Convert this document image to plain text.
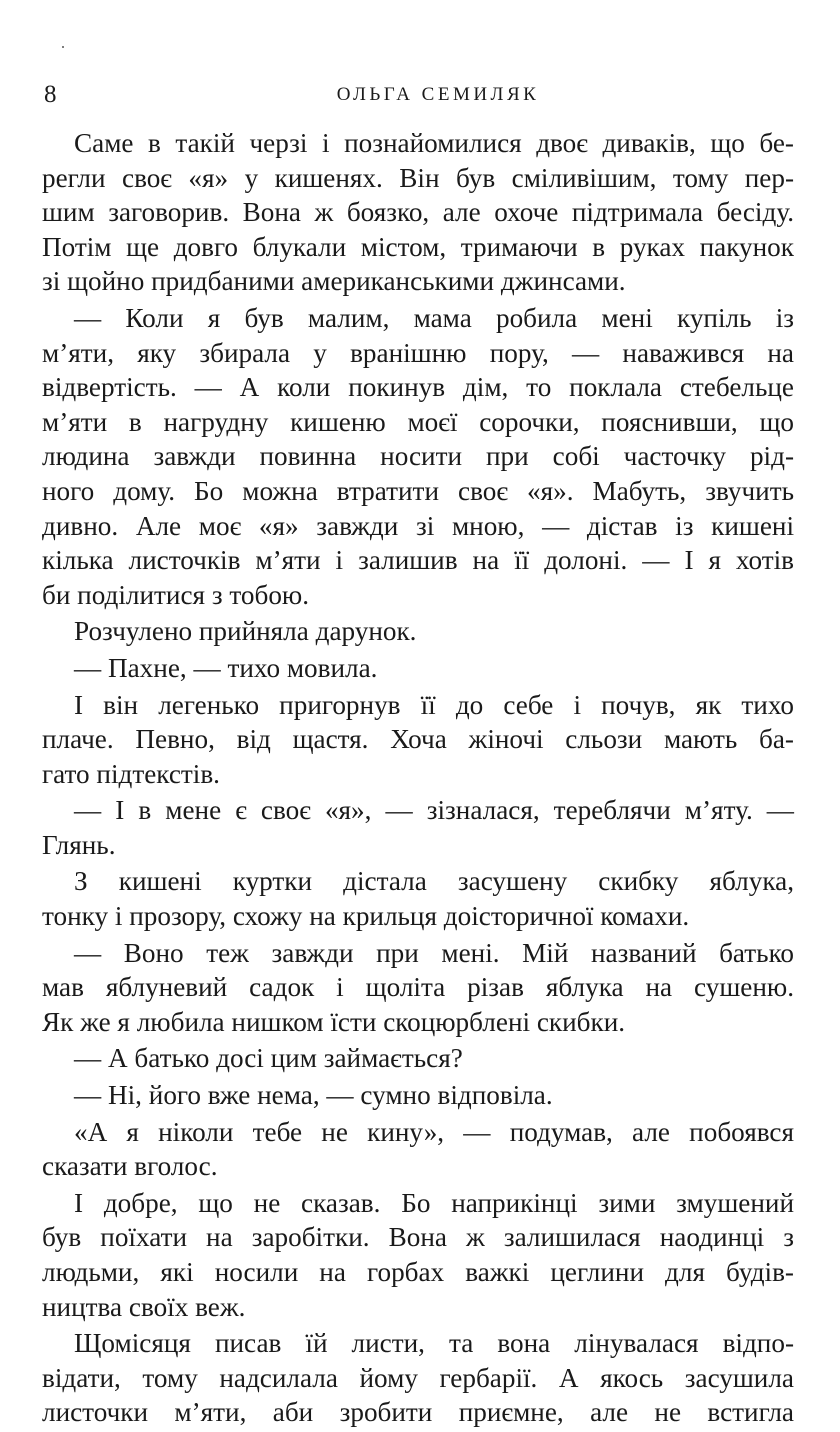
8	ОЛЬГА СЕМИЛЯК
Саме в такій черзі і познайомилися двоє диваків, що бе-
регли своє «я» у кишенях. Він був сміливішим, тому пер-
шим заговорив. Вона ж боязко, але охоче підтримала бесіду.
Потім ще довго блукали містом, тримаючи в руках пакунок
зі щойно придбаними американськими джинсами.
— Коли я був малим, мама робила мені купіль із
м’яти, яку збирала у вранішню пору, — наважився на
відвертість. — А коли покинув дім, то поклала стебельце
м’яти в нагрудну кишеню моєї сорочки, пояснивши, що
людина завжди повинна носити при собі часточку рід-
ного дому. Бо можна втратити своє «я». Мабуть, звучить
дивно. Але моє «я» завжди зі мною, — дістав із кишені
кілька листочків м’яти і залишив на її долоні. — І я хотів
би поділитися з тобою.
Розчулено прийняла дарунок.
— Пахне, — тихо мовила.
І він легенько пригорнув її до себе і почув, як тихо
плаче. Певно, від щастя. Хоча жіночі сльози мають ба-
гато підтекстів.
— І в мене є своє «я», — зізналася, тереблячи м’яту. —
Глянь.
З кишені куртки дістала засушену скибку яблука,
тонку і прозору, схожу на крильця доісторичної комахи.
— Воно теж завжди при мені. Мій названий батько
мав яблуневий садок і щоліта різав яблука на сушеню.
Як же я любила нишком їсти скоцюрблені скибки.
— А батько досі цим займається?
— Ні, його вже нема, — сумно відповіла.
«А я ніколи тебе не кину», — подумав, але побоявся
сказати вголос.
І добре, що не сказав. Бо наприкінці зими змушений
був поїхати на заробітки. Вона ж залишилася наодинці з
людьми, які носили на горбах важкі цеглини для будів-
ництва своїх веж.
Щомісяця писав їй листи, та вона лінувалася відпо-
відати, тому надсилала йому гербарії. А якось засушила
листочки м’яти, аби зробити приємне, але не встигла
